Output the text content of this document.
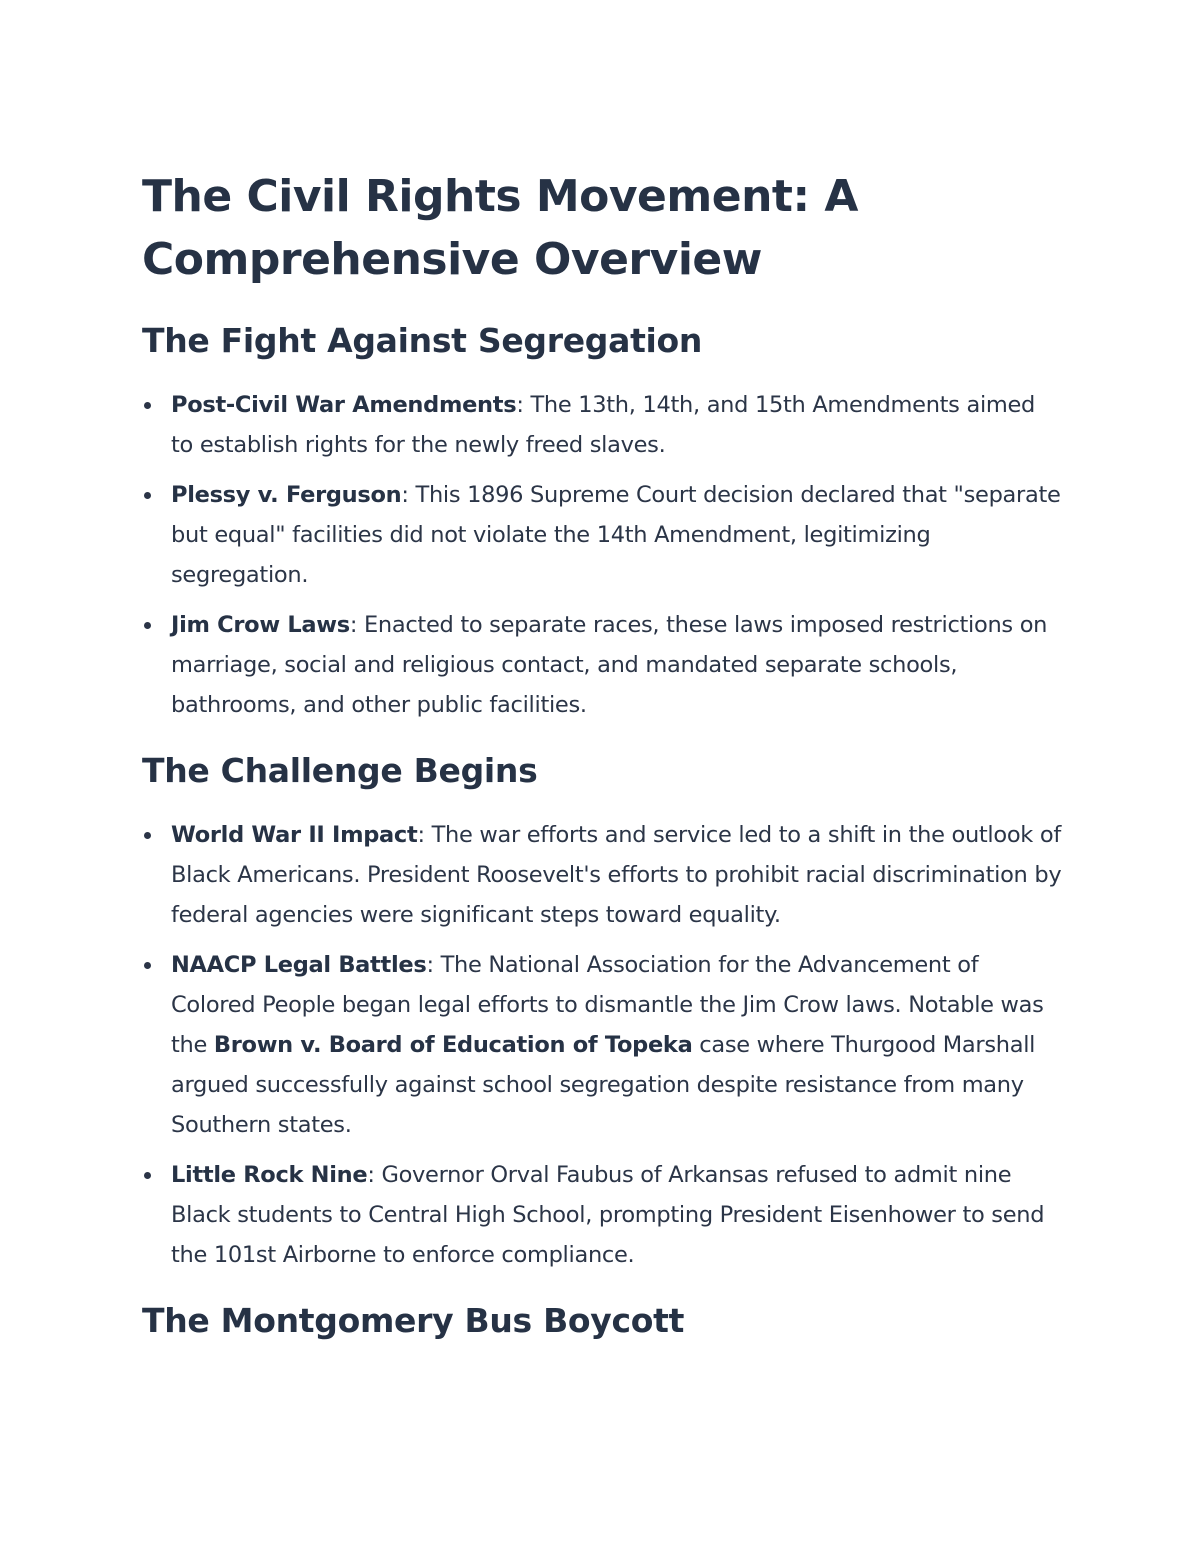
The Civil Rights Movement: A Comprehensive Overview
The Fight Against Segregation
Post-Civil War Amendments: The 13th, 14th, and 15th Amendments aimed to establish rights for the newly freed slaves.
Plessy v. Ferguson: This 1896 Supreme Court decision declared that "separate but equal" facilities did not violate the 14th Amendment, legitimizing segregation.
Jim Crow Laws: Enacted to separate races, these laws imposed restrictions on marriage, social and religious contact, and mandated separate schools, bathrooms, and other public facilities.
The Challenge Begins
World War II Impact: The war efforts and service led to a shift in the outlook of Black Americans. President Roosevelt's efforts to prohibit racial discrimination by federal agencies were significant steps toward equality.
NAACP Legal Battles: The National Association for the Advancement of Colored People began legal efforts to dismantle the Jim Crow laws. Notable was the Brown v. Board of Education of Topeka case where Thurgood Marshall argued successfully against school segregation despite resistance from many Southern states.
Little Rock Nine: Governor Orval Faubus of Arkansas refused to admit nine Black students to Central High School, prompting President Eisenhower to send the 101st Airborne to enforce compliance.
The Montgomery Bus Boycott
